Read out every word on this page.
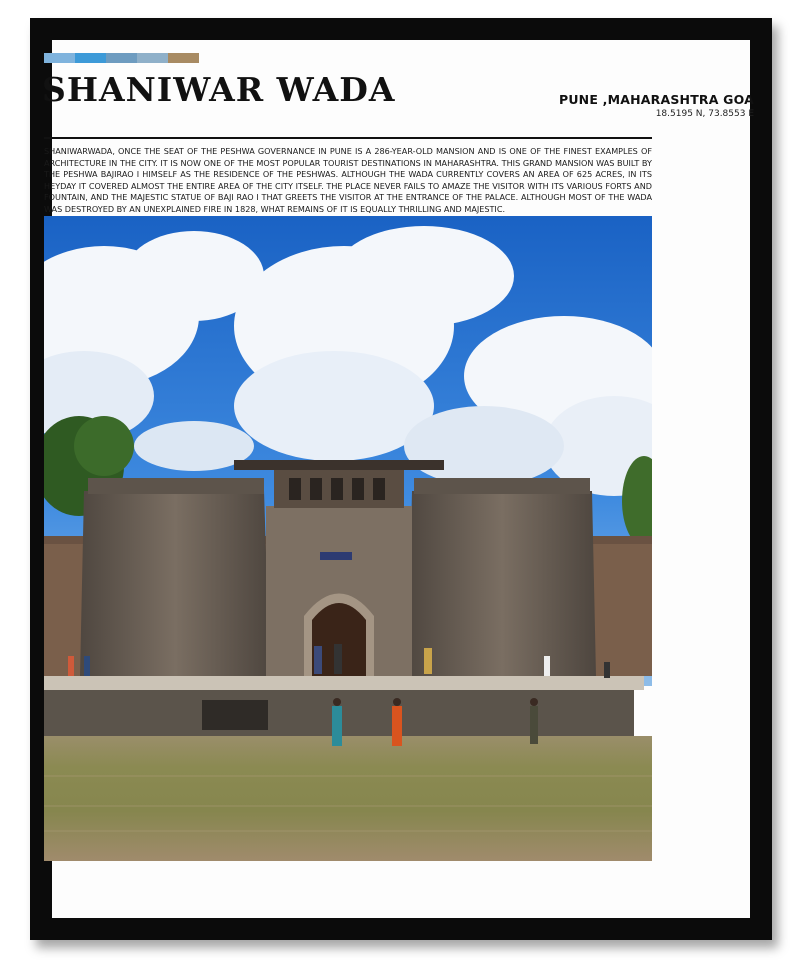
SHANIWAR WADA	PUNE ,MAHARASHTRA GOA
18.5195 N, 73.8553 E

SHANIWARWADA, ONCE THE SEAT OF THE PESHWA GOVERNANCE IN PUNE IS A 286-YEAR-OLD MANSION AND IS ONE OF THE FINEST EXAMPLES OF ARCHITECTURE IN THE CITY. IT IS NOW ONE OF THE MOST POPULAR TOURIST DESTINATIONS IN MAHARASHTRA. THIS GRAND MANSION WAS BUILT BY THE PESHWA BAJIRAO I HIMSELF AS THE RESIDENCE OF THE PESHWAS. ALTHOUGH THE WADA CURRENTLY COVERS AN AREA OF 625 ACRES, IN ITS HEYDAY IT COVERED ALMOST THE ENTIRE AREA OF THE CITY ITSELF. THE PLACE NEVER FAILS TO AMAZE THE VISITOR WITH ITS VARIOUS FORTS AND FOUNTAIN, AND THE MAJESTIC STATUE OF BAJI RAO I THAT GREETS THE VISITOR AT THE ENTRANCE OF THE PALACE. ALTHOUGH MOST OF THE WADA WAS DESTROYED BY AN UNEXPLAINED FIRE IN 1828, WHAT REMAINS OF IT IS EQUALLY THRILLING AND MAJESTIC.
